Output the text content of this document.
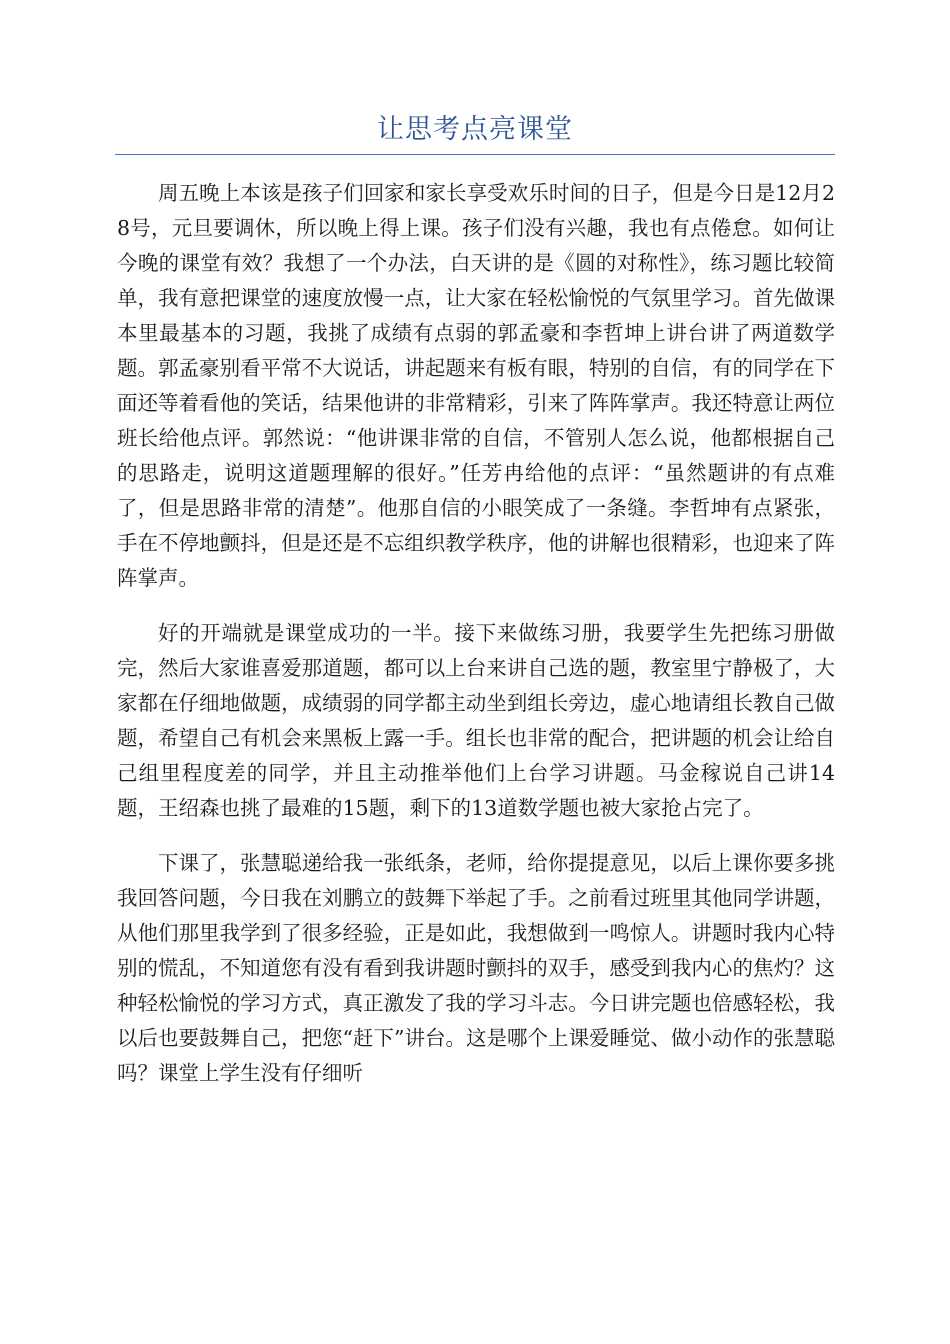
让思考点亮课堂

周五晚上本该是孩子们回家和家长享受欢乐时间的日子，但是今日是12月28号，元旦要调休，所以晚上得上课。孩子们没有兴趣，我也有点倦怠。如何让今晚的课堂有效？我想了一个办法，白天讲的是《圆的对称性》，练习题比较简单，我有意把课堂的速度放慢一点，让大家在轻松愉悦的气氛里学习。首先做课本里最基本的习题，我挑了成绩有点弱的郭孟豪和李哲坤上讲台讲了两道数学题。郭孟豪别看平常不大说话，讲起题来有板有眼，特别的自信，有的同学在下面还等着看他的笑话，结果他讲的非常精彩，引来了阵阵掌声。我还特意让两位班长给他点评。郭然说：“他讲课非常的自信，不管别人怎么说，他都根据自己的思路走，说明这道题理解的很好。”任芳冉给他的点评：“虽然题讲的有点难了，但是思路非常的清楚”。他那自信的小眼笑成了一条缝。李哲坤有点紧张，手在不停地颤抖，但是还是不忘组织教学秩序，他的讲解也很精彩，也迎来了阵阵掌声。

好的开端就是课堂成功的一半。接下来做练习册，我要学生先把练习册做完，然后大家谁喜爱那道题，都可以上台来讲自己选的题，教室里宁静极了，大家都在仔细地做题，成绩弱的同学都主动坐到组长旁边，虚心地请组长教自己做题，希望自己有机会来黑板上露一手。组长也非常的配合，把讲题的机会让给自己组里程度差的同学，并且主动推举他们上台学习讲题。马金稼说自己讲14题，王绍森也挑了最难的15题，剩下的13道数学题也被大家抢占完了。

下课了，张慧聪递给我一张纸条，老师，给你提提意见，以后上课你要多挑我回答问题，今日我在刘鹏立的鼓舞下举起了手。之前看过班里其他同学讲题，从他们那里我学到了很多经验，正是如此，我想做到一鸣惊人。讲题时我内心特别的慌乱，不知道您有没有看到我讲题时颤抖的双手，感受到我内心的焦灼？这种轻松愉悦的学习方式，真正激发了我的学习斗志。今日讲完题也倍感轻松，我以后也要鼓舞自己，把您“赶下”讲台。这是哪个上课爱睡觉、做小动作的张慧聪吗？课堂上学生没有仔细听
